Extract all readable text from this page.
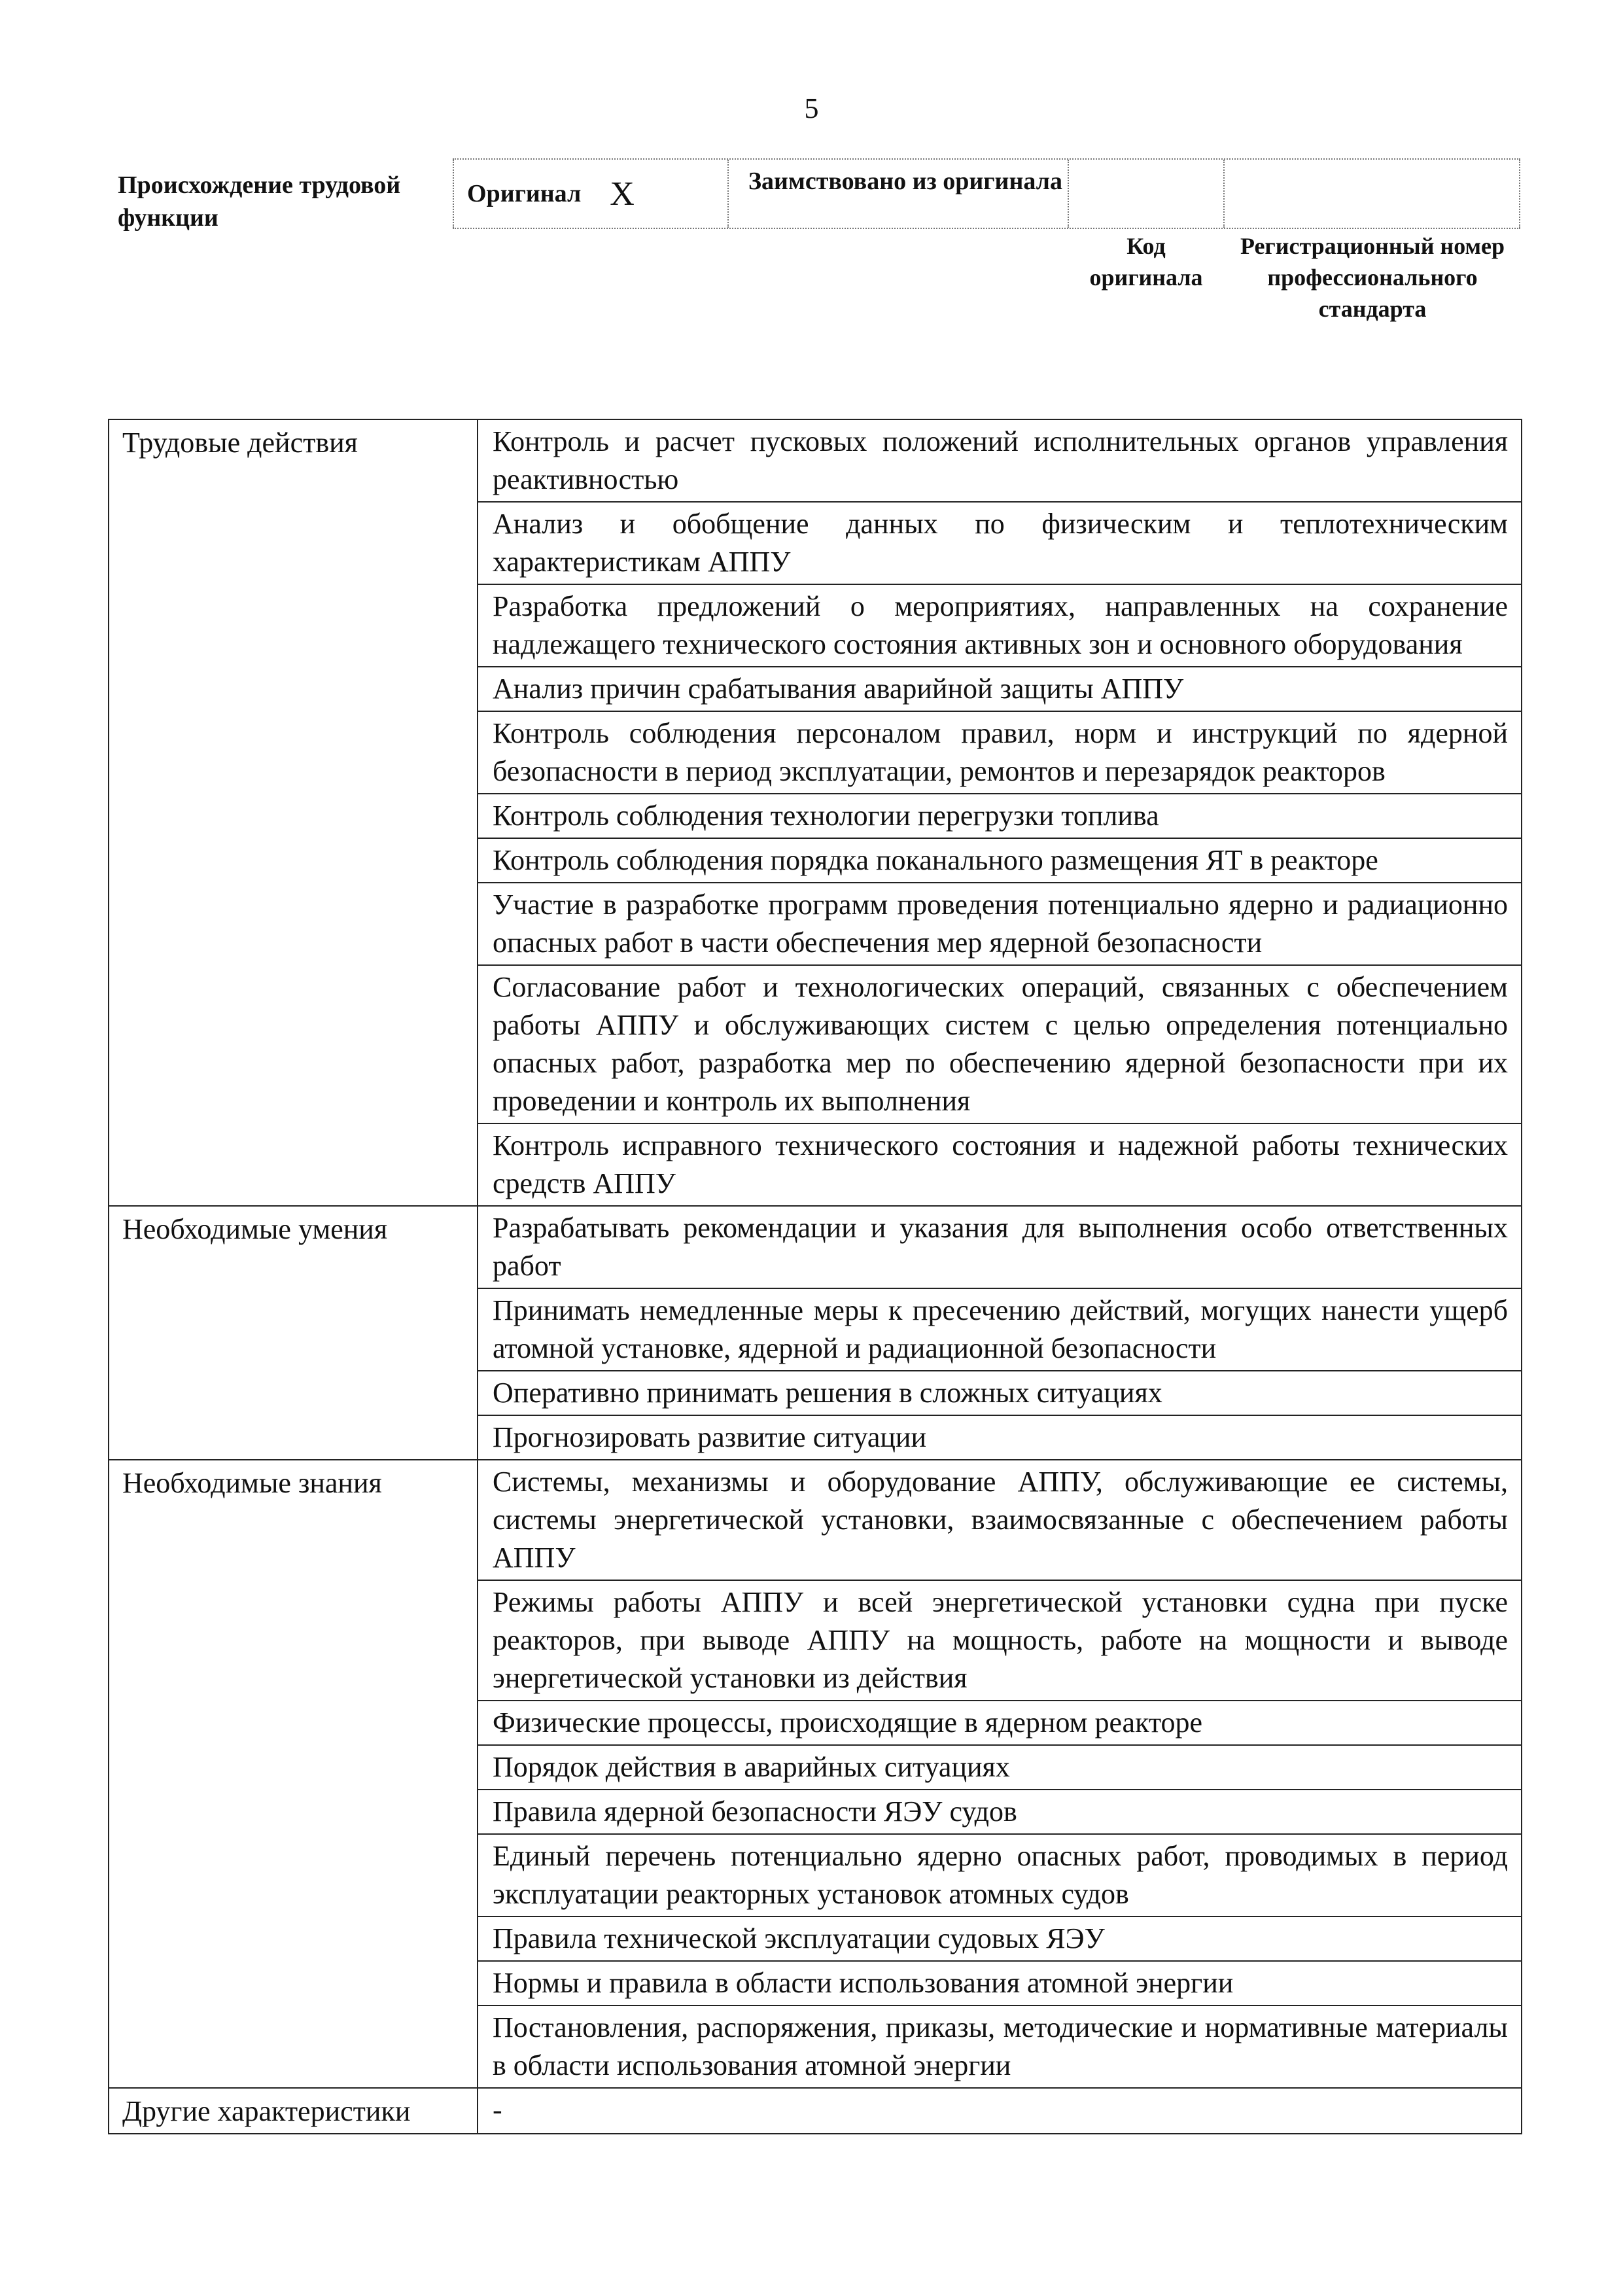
5
Происхождение трудовой функции
Оригинал X	Заимствовано из оригинала
Код оригинала
Регистрационный номер профессионального стандарта
Трудовые действия	Контроль и расчет пусковых положений исполнительных органов управления реактивностью
	Анализ и обобщение данных по физическим и теплотехническим характеристикам АППУ
	Разработка предложений о мероприятиях, направленных на сохранение надлежащего технического состояния активных зон и основного оборудования
	Анализ причин срабатывания аварийной защиты АППУ
	Контроль соблюдения персоналом правил, норм и инструкций по ядерной безопасности в период эксплуатации, ремонтов и перезарядок реакторов
	Контроль соблюдения технологии перегрузки топлива
	Контроль соблюдения порядка поканального размещения ЯТ в реакторе
	Участие в разработке программ проведения потенциально ядерно и радиационно опасных работ в части обеспечения мер ядерной безопасности
	Согласование работ и технологических операций, связанных с обеспечением работы АППУ и обслуживающих систем с целью определения потенциально опасных работ, разработка мер по обеспечению ядерной безопасности при их проведении и контроль их выполнения
	Контроль исправного технического состояния и надежной работы технических средств АППУ
Необходимые умения	Разрабатывать рекомендации и указания для выполнения особо ответственных работ
	Принимать немедленные меры к пресечению действий, могущих нанести ущерб атомной установке, ядерной и радиационной безопасности
	Оперативно принимать решения в сложных ситуациях
	Прогнозировать развитие ситуации
Необходимые знания	Системы, механизмы и оборудование АППУ, обслуживающие ее системы, системы энергетической установки, взаимосвязанные с обеспечением работы АППУ
	Режимы работы АППУ и всей энергетической установки судна при пуске реакторов, при выводе АППУ на мощность, работе на мощности и выводе энергетической установки из действия
	Физические процессы, происходящие в ядерном реакторе
	Порядок действия в аварийных ситуациях
	Правила ядерной безопасности ЯЭУ судов
	Единый перечень потенциально ядерно опасных работ, проводимых в период эксплуатации реакторных установок атомных судов
	Правила технической эксплуатации судовых ЯЭУ
	Нормы и правила в области использования атомной энергии
	Постановления, распоряжения, приказы, методические и нормативные материалы в области использования атомной энергии
Другие характеристики	-
